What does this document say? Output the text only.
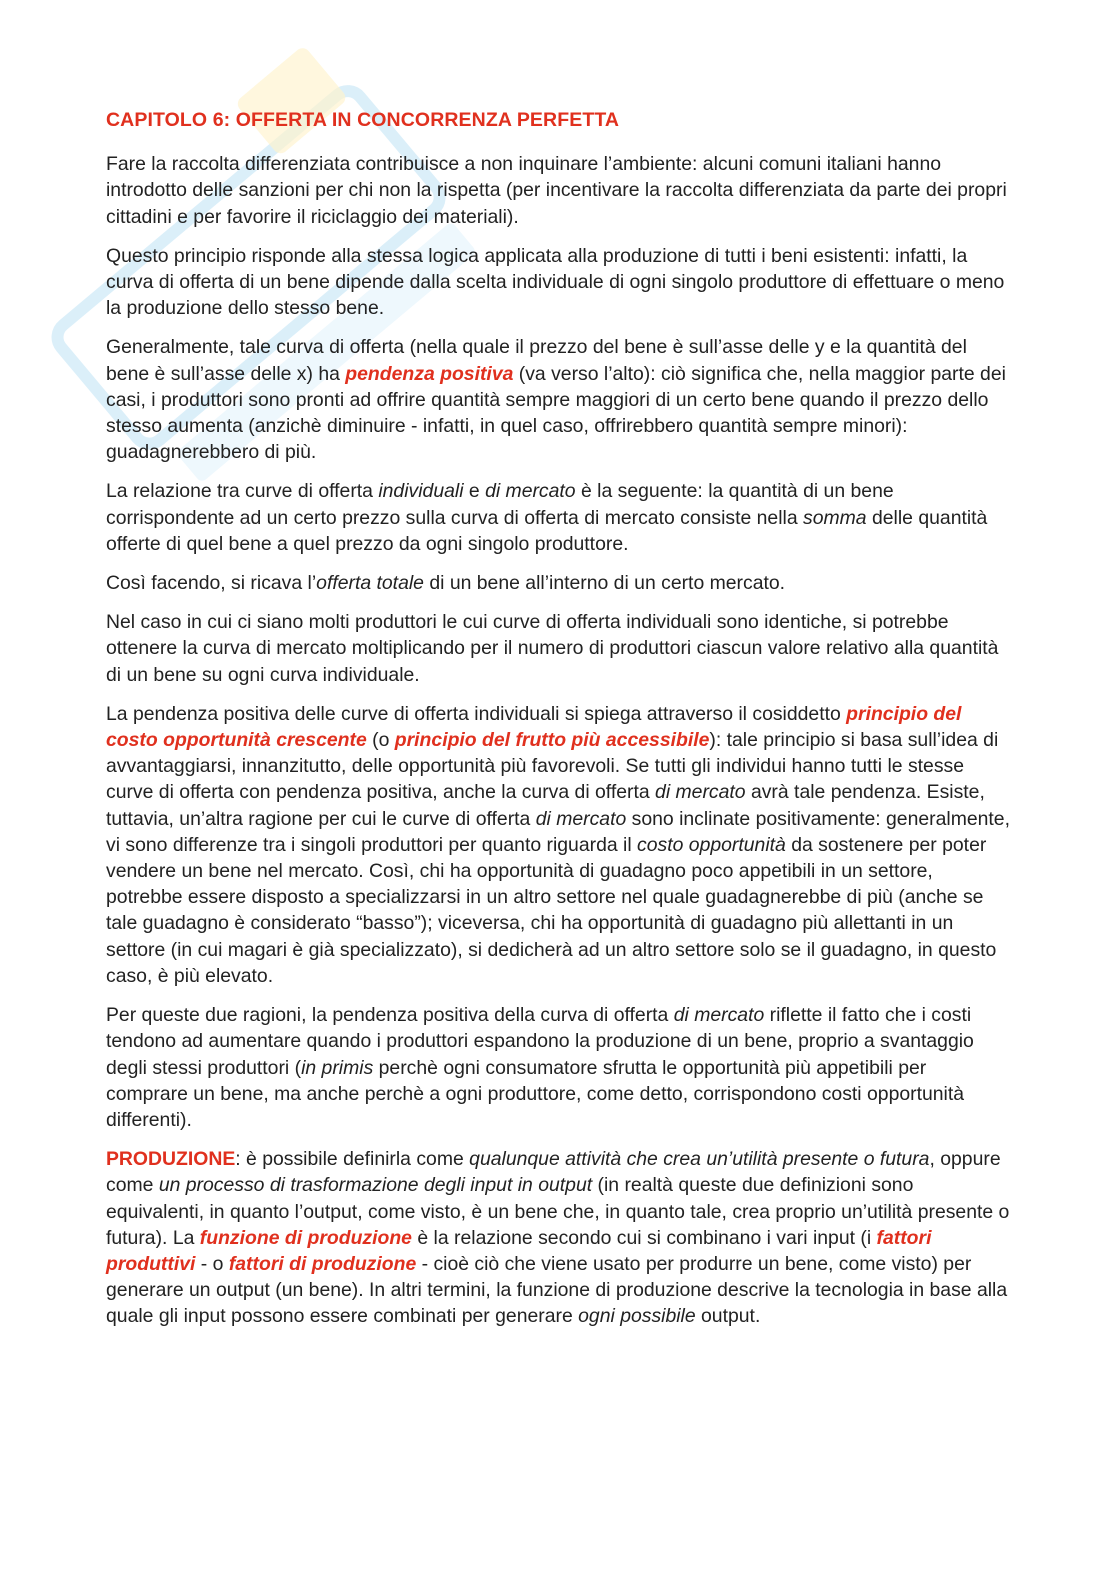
CAPITOLO 6: OFFERTA IN CONCORRENZA PERFETTA

Fare la raccolta differenziata contribuisce a non inquinare l’ambiente: alcuni comuni italiani hanno introdotto delle sanzioni per chi non la rispetta (per incentivare la raccolta differenziata da parte dei propri cittadini e per favorire il riciclaggio dei materiali).

Questo principio risponde alla stessa logica applicata alla produzione di tutti i beni esistenti: infatti, la curva di offerta di un bene dipende dalla scelta individuale di ogni singolo produttore di effettuare o meno la produzione dello stesso bene.

Generalmente, tale curva di offerta (nella quale il prezzo del bene è sull’asse delle y e la quantità del bene è sull’asse delle x) ha pendenza positiva (va verso l’alto): ciò significa che, nella maggior parte dei casi, i produttori sono pronti ad offrire quantità sempre maggiori di un certo bene quando il prezzo dello stesso aumenta (anzichè diminuire - infatti, in quel caso, offrirebbero quantità sempre minori): guadagnerebbero di più.

La relazione tra curve di offerta individuali e di mercato è la seguente: la quantità di un bene corrispondente ad un certo prezzo sulla curva di offerta di mercato consiste nella somma delle quantità offerte di quel bene a quel prezzo da ogni singolo produttore.

Così facendo, si ricava l’offerta totale di un bene all’interno di un certo mercato.

Nel caso in cui ci siano molti produttori le cui curve di offerta individuali sono identiche, si potrebbe ottenere la curva di mercato moltiplicando per il numero di produttori ciascun valore relativo alla quantità di un bene su ogni curva individuale.

La pendenza positiva delle curve di offerta individuali si spiega attraverso il cosiddetto principio del costo opportunità crescente (o principio del frutto più accessibile): tale principio si basa sull’idea di avvantaggiarsi, innanzitutto, delle opportunità più favorevoli. Se tutti gli individui hanno tutti le stesse curve di offerta con pendenza positiva, anche la curva di offerta di mercato avrà tale pendenza. Esiste, tuttavia, un’altra ragione per cui le curve di offerta di mercato sono inclinate positivamente: generalmente, vi sono differenze tra i singoli produttori per quanto riguarda il costo opportunità da sostenere per poter vendere un bene nel mercato. Così, chi ha opportunità di guadagno poco appetibili in un settore, potrebbe essere disposto a specializzarsi in un altro settore nel quale guadagnerebbe di più (anche se tale guadagno è considerato “basso”); viceversa, chi ha opportunità di guadagno più allettanti in un settore (in cui magari è già specializzato), si dedicherà ad un altro settore solo se il guadagno, in questo caso, è più elevato.

Per queste due ragioni, la pendenza positiva della curva di offerta di mercato riflette il fatto che i costi tendono ad aumentare quando i produttori espandono la produzione di un bene, proprio a svantaggio degli stessi produttori (in primis perchè ogni consumatore sfrutta le opportunità più appetibili per comprare un bene, ma anche perchè a ogni produttore, come detto, corrispondono costi opportunità differenti).

PRODUZIONE: è possibile definirla come qualunque attività che crea un’utilità presente o futura, oppure come un processo di trasformazione degli input in output (in realtà queste due definizioni sono equivalenti, in quanto l’output, come visto, è un bene che, in quanto tale, crea proprio un’utilità presente o futura). La funzione di produzione è la relazione secondo cui si combinano i vari input (i fattori produttivi - o fattori di produzione - cioè ciò che viene usato per produrre un bene, come visto) per generare un output (un bene). In altri termini, la funzione di produzione descrive la tecnologia in base alla quale gli input possono essere combinati per generare ogni possibile output.
